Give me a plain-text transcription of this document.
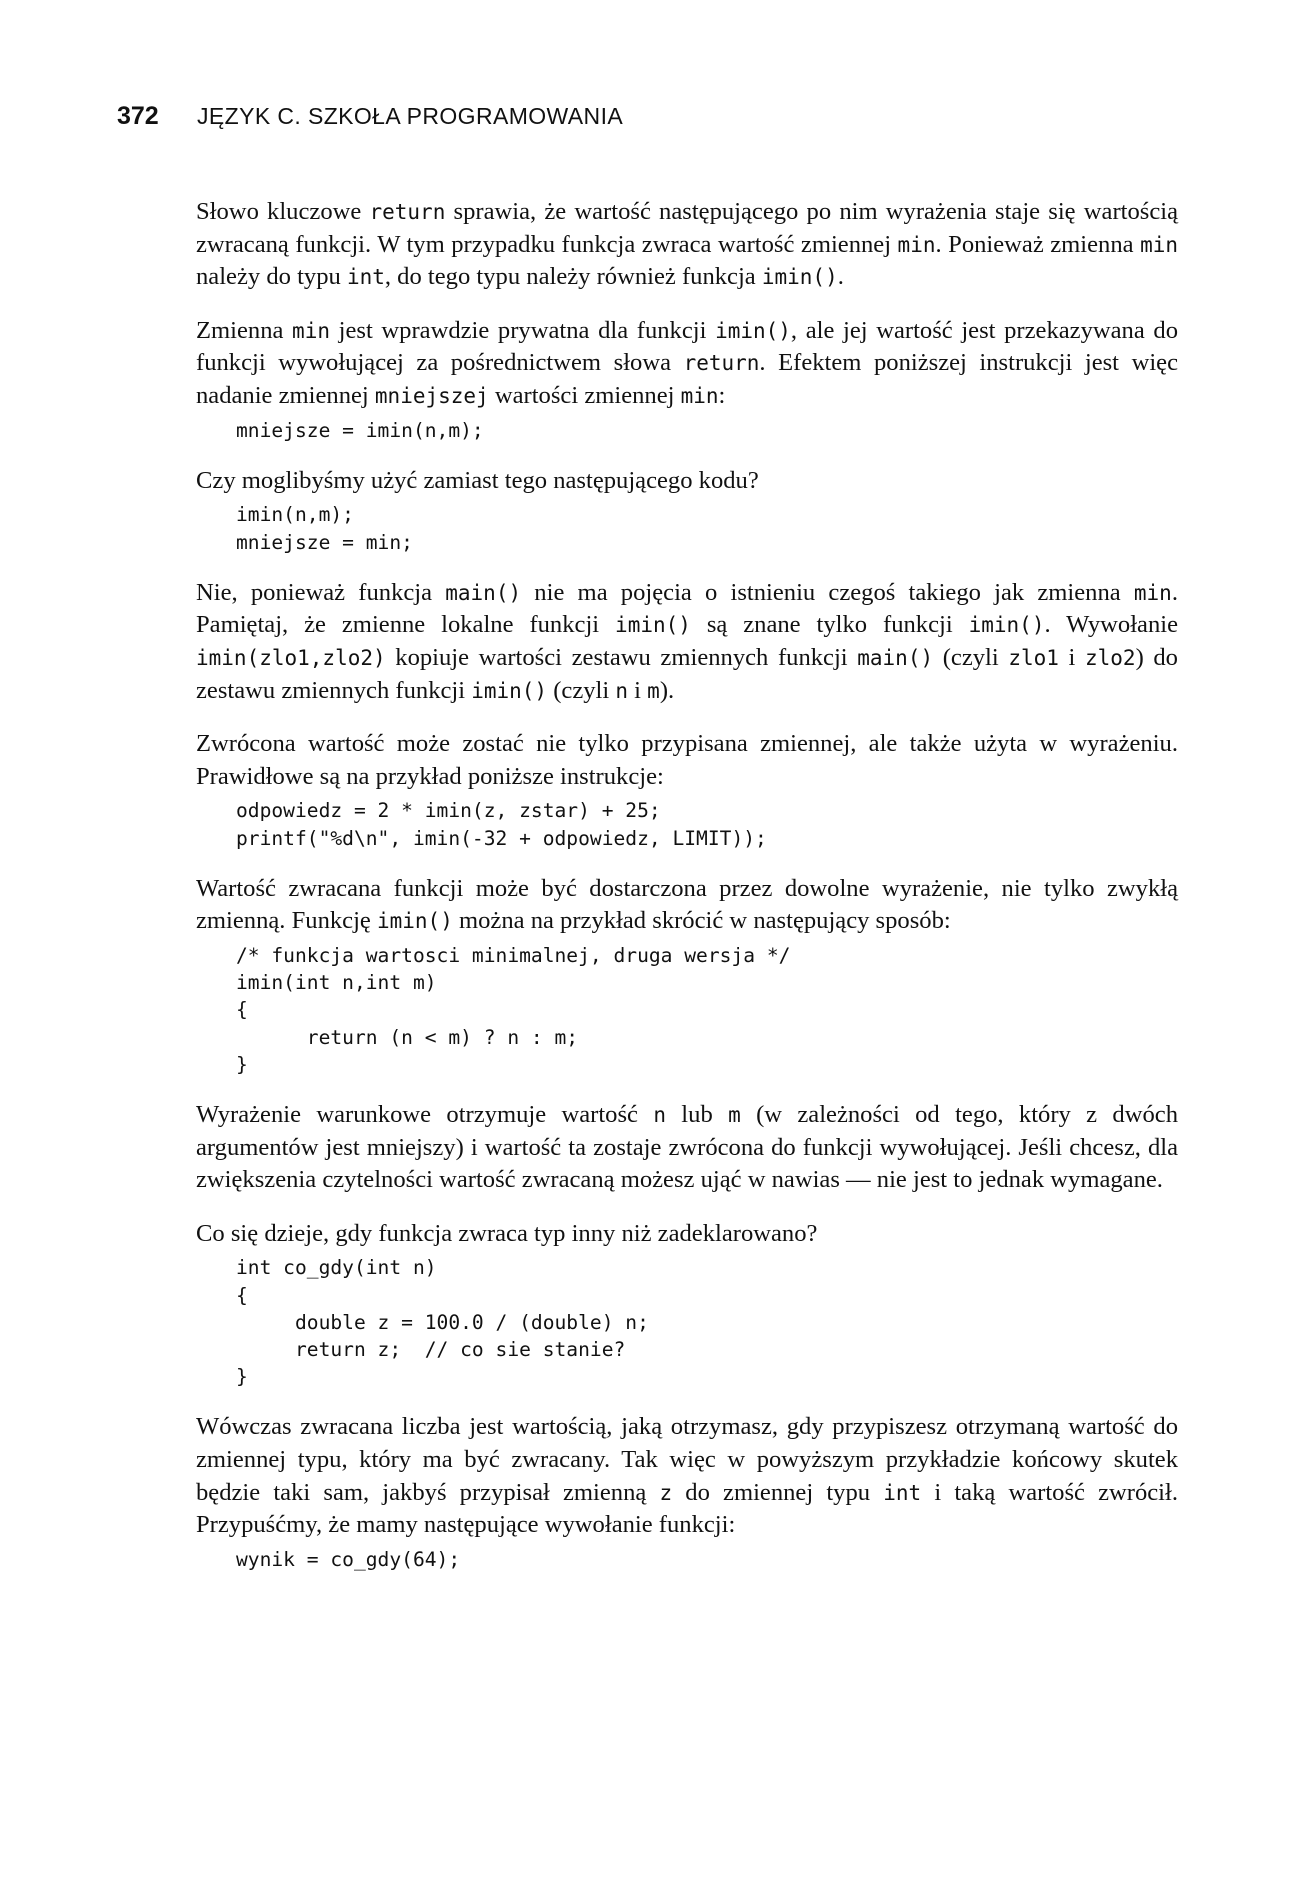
372 JĘZYK C. SZKOŁA PROGRAMOWANIA

Słowo kluczowe return sprawia, że wartość następującego po nim wyrażenia staje się wartością zwracaną funkcji. W tym przypadku funkcja zwraca wartość zmiennej min. Ponieważ zmienna min należy do typu int, do tego typu należy również funkcja imin().

Zmienna min jest wprawdzie prywatna dla funkcji imin(), ale jej wartość jest przekazywana do funkcji wywołującej za pośrednictwem słowa return. Efektem poniższej instrukcji jest więc nadanie zmiennej mniejszej wartości zmiennej min:

mniejsze = imin(n,m);

Czy moglibyśmy użyć zamiast tego następującego kodu?

imin(n,m);
mniejsze = min;

Nie, ponieważ funkcja main() nie ma pojęcia o istnieniu czegoś takiego jak zmienna min. Pamiętaj, że zmienne lokalne funkcji imin() są znane tylko funkcji imin(). Wywołanie imin(zlo1,zlo2) kopiuje wartości zestawu zmiennych funkcji main() (czyli zlo1 i zlo2) do zestawu zmiennych funkcji imin() (czyli n i m).

Zwrócona wartość może zostać nie tylko przypisana zmiennej, ale także użyta w wyrażeniu. Prawidłowe są na przykład poniższe instrukcje:

odpowiedz = 2 * imin(z, zstar) + 25;
printf("%d\n", imin(-32 + odpowiedz, LIMIT));

Wartość zwracana funkcji może być dostarczona przez dowolne wyrażenie, nie tylko zwykłą zmienną. Funkcję imin() można na przykład skrócić w następujący sposób:

/* funkcja wartosci minimalnej, druga wersja */
imin(int n,int m)
{
return (n < m) ? n : m;
}

Wyrażenie warunkowe otrzymuje wartość n lub m (w zależności od tego, który z dwóch argumentów jest mniejszy) i wartość ta zostaje zwrócona do funkcji wywołującej. Jeśli chcesz, dla zwiększenia czytelności wartość zwracaną możesz ująć w nawias — nie jest to jednak wymagane.

Co się dzieje, gdy funkcja zwraca typ inny niż zadeklarowano?

int co_gdy(int n)
{
double z = 100.0 / (double) n;
return z;  // co sie stanie?
}

Wówczas zwracana liczba jest wartością, jaką otrzymasz, gdy przypiszesz otrzymaną wartość do zmiennej typu, który ma być zwracany. Tak więc w powyższym przykładzie końcowy skutek będzie taki sam, jakbyś przypisał zmienną z do zmiennej typu int i taką wartość zwrócił. Przypuśćmy, że mamy następujące wywołanie funkcji:

wynik = co_gdy(64);
